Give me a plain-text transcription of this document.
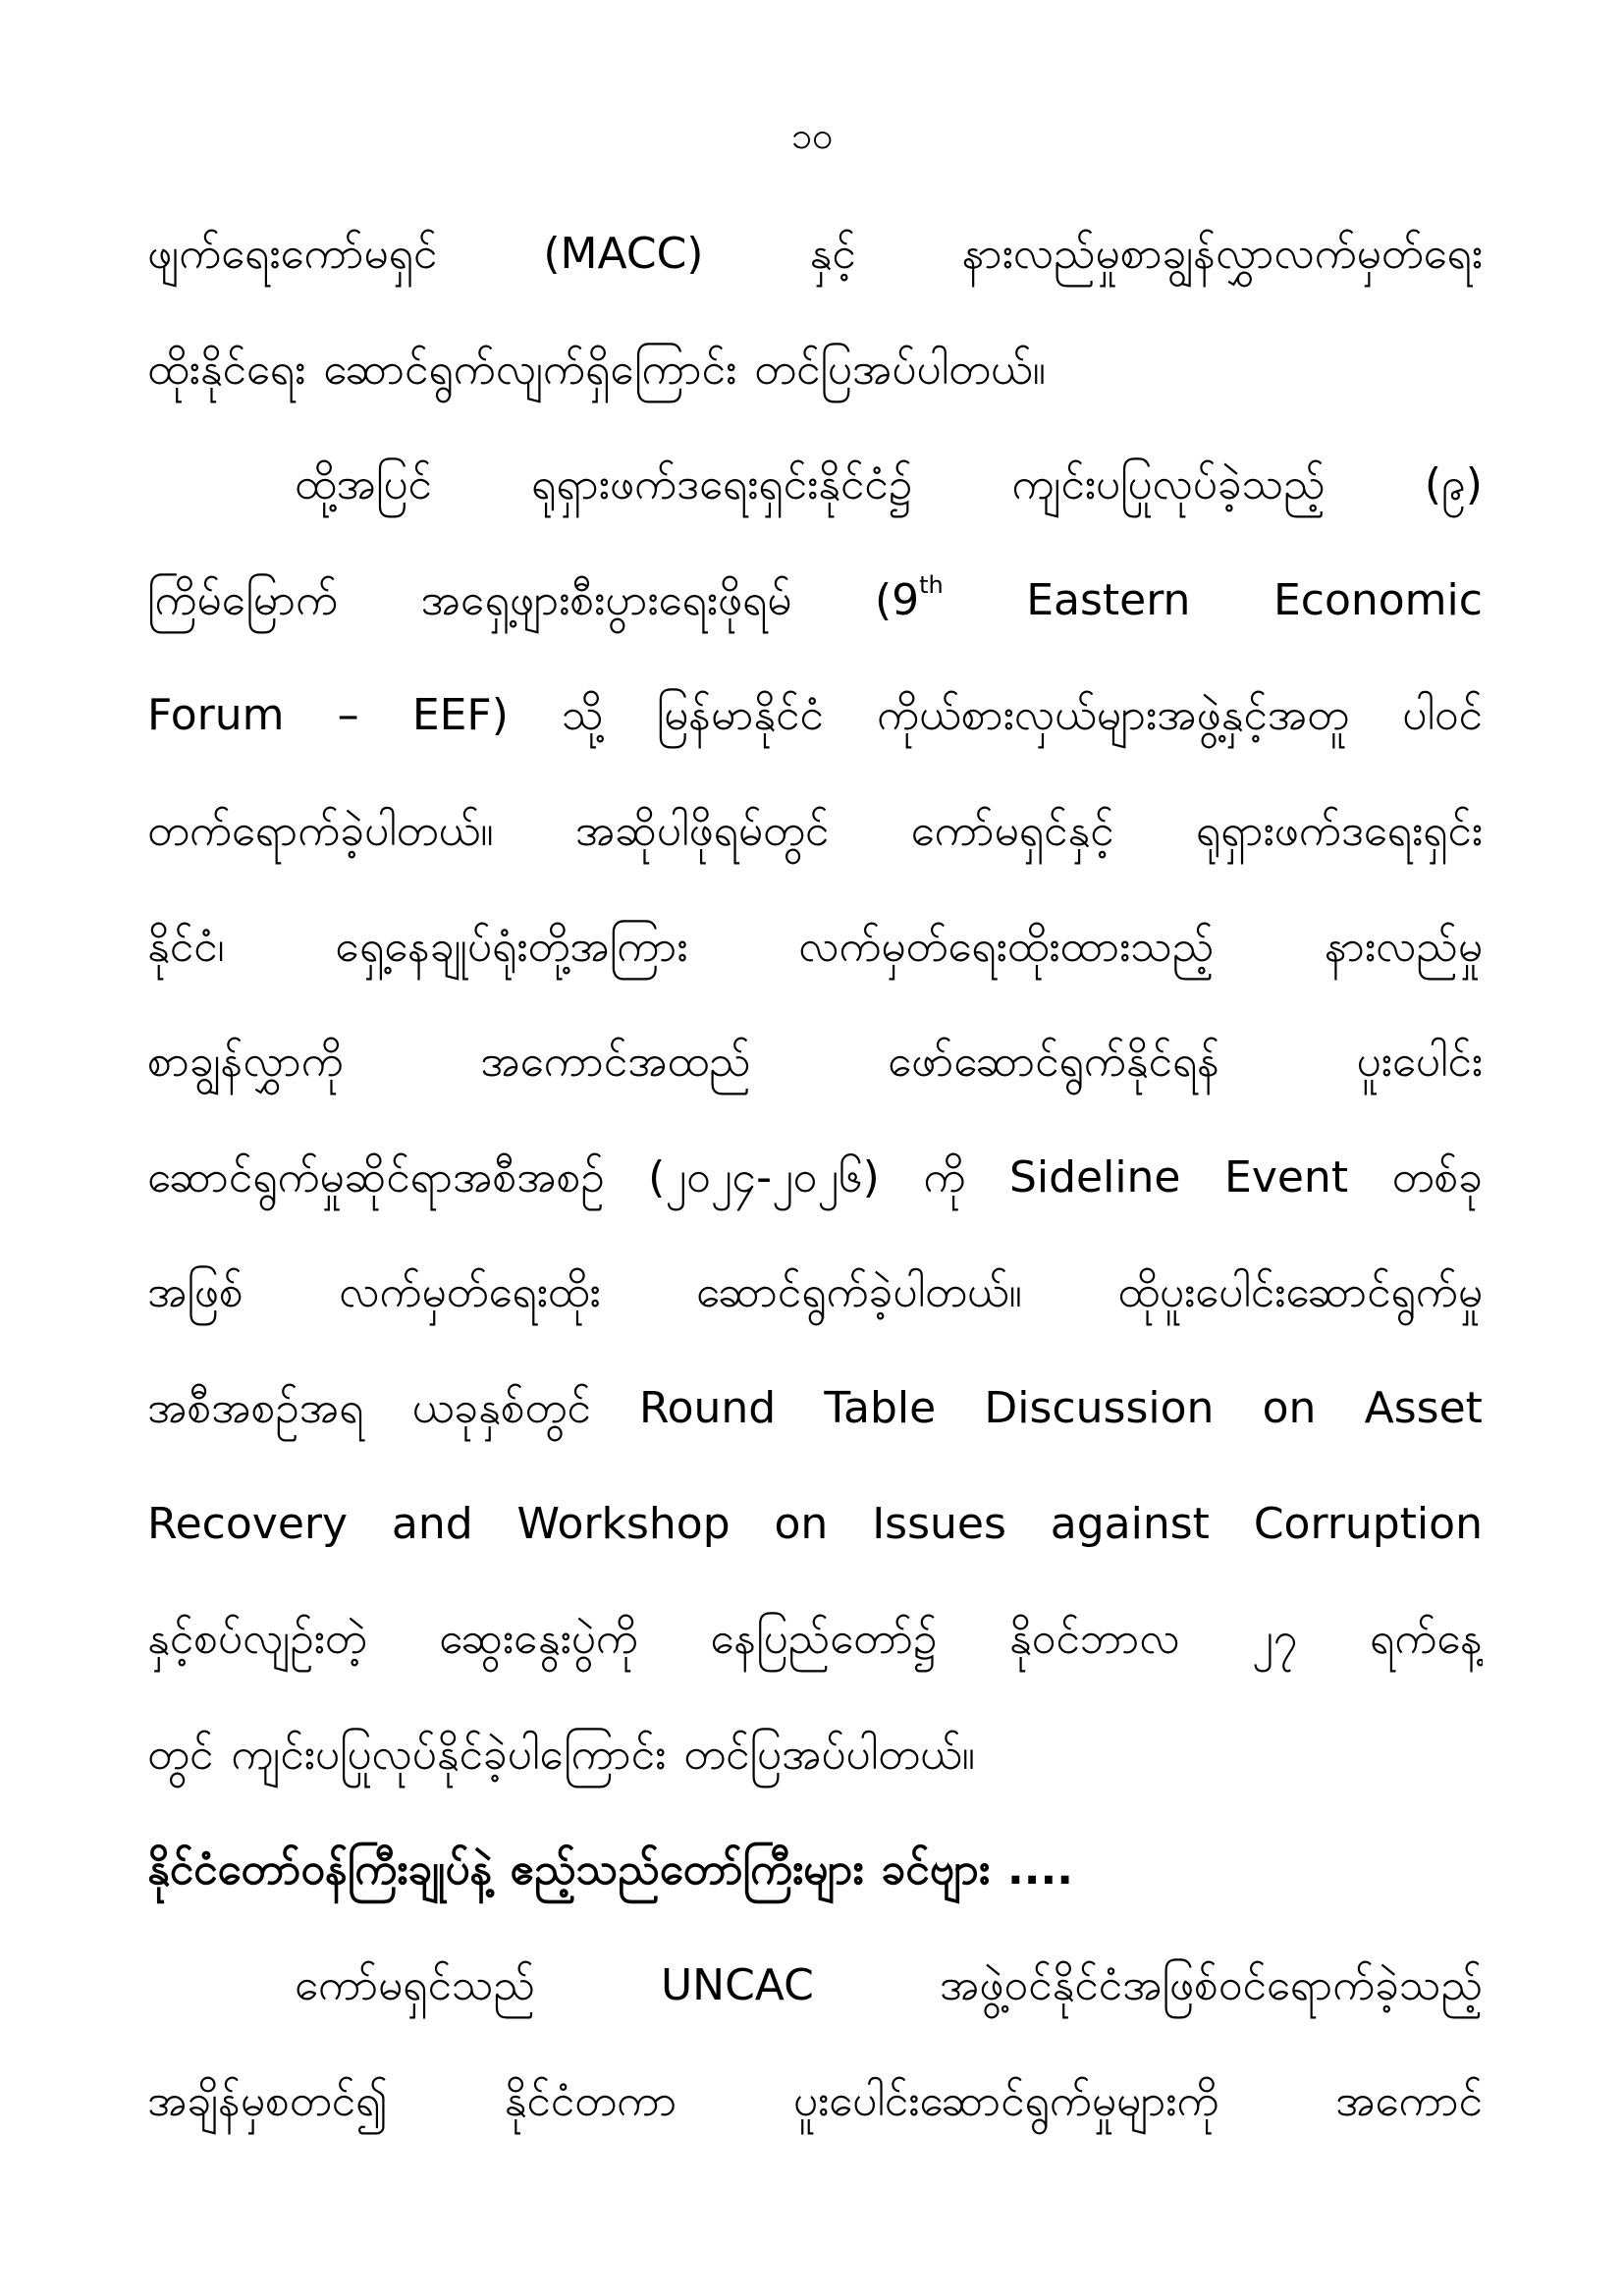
၁၀
ဖျက်ရေးကော်မရှင် (MACC) နှင့် နားလည်မှုစာချွန်လွှာလက်မှတ်ရေး
ထိုးနိုင်ရေး ဆောင်ရွက်လျက်ရှိကြောင်း တင်ပြအပ်ပါတယ်။
ထို့အပြင် ရုရှားဖက်ဒရေးရှင်းနိုင်ငံ၌ ကျင်းပပြုလုပ်ခဲ့သည့် (၉)
ကြိမ်မြောက် အရှေ့ဖျားစီးပွားရေးဖိုရမ် (9th Eastern Economic
Forum – EEF) သို့ မြန်မာနိုင်ငံ ကိုယ်စားလှယ်များအဖွဲ့နှင့်အတူ ပါဝင်
တက်ရောက်ခဲ့ပါတယ်။ အဆိုပါဖိုရမ်တွင် ကော်မရှင်နှင့် ရုရှားဖက်ဒရေးရှင်း
နိုင်ငံ၊	ရှေ့နေချုပ်ရုံးတို့အကြား	လက်မှတ်ရေးထိုးထားသည့်	နားလည်မှု
စာချွန်လွှာကို	အကောင်အထည်	ဖော်ဆောင်ရွက်နိုင်ရန်	ပူးပေါင်း
ဆောင်ရွက်မှုဆိုင်ရာအစီအစဉ် (၂၀၂၄-၂၀၂၆) ကို Sideline Event တစ်ခု
အဖြစ် လက်မှတ်ရေးထိုး ဆောင်ရွက်ခဲ့ပါတယ်။ ထိုပူးပေါင်းဆောင်ရွက်မှု
အစီအစဉ်အရ ယခုနှစ်တွင် Round Table Discussion on Asset
Recovery and Workshop on Issues against Corruption
နှင့်စပ်လျဉ်းတဲ့ ဆွေးနွေးပွဲကို နေပြည်တော်၌ နိုဝင်ဘာလ ၂၇ ရက်နေ့
တွင် ကျင်းပပြုလုပ်နိုင်ခဲ့ပါကြောင်း တင်ပြအပ်ပါတယ်။
နိုင်ငံတော်ဝန်ကြီးချုပ်နဲ့ ဧည့်သည်တော်ကြီးများ ခင်ဗျား ....
ကော်မရှင်သည်	UNCAC	အဖွဲ့ဝင်နိုင်ငံအဖြစ်ဝင်ရောက်ခဲ့သည့်
အချိန်မှစတင်၍	နိုင်ငံတကာ	ပူးပေါင်းဆောင်ရွက်မှုများကို	အကောင်
